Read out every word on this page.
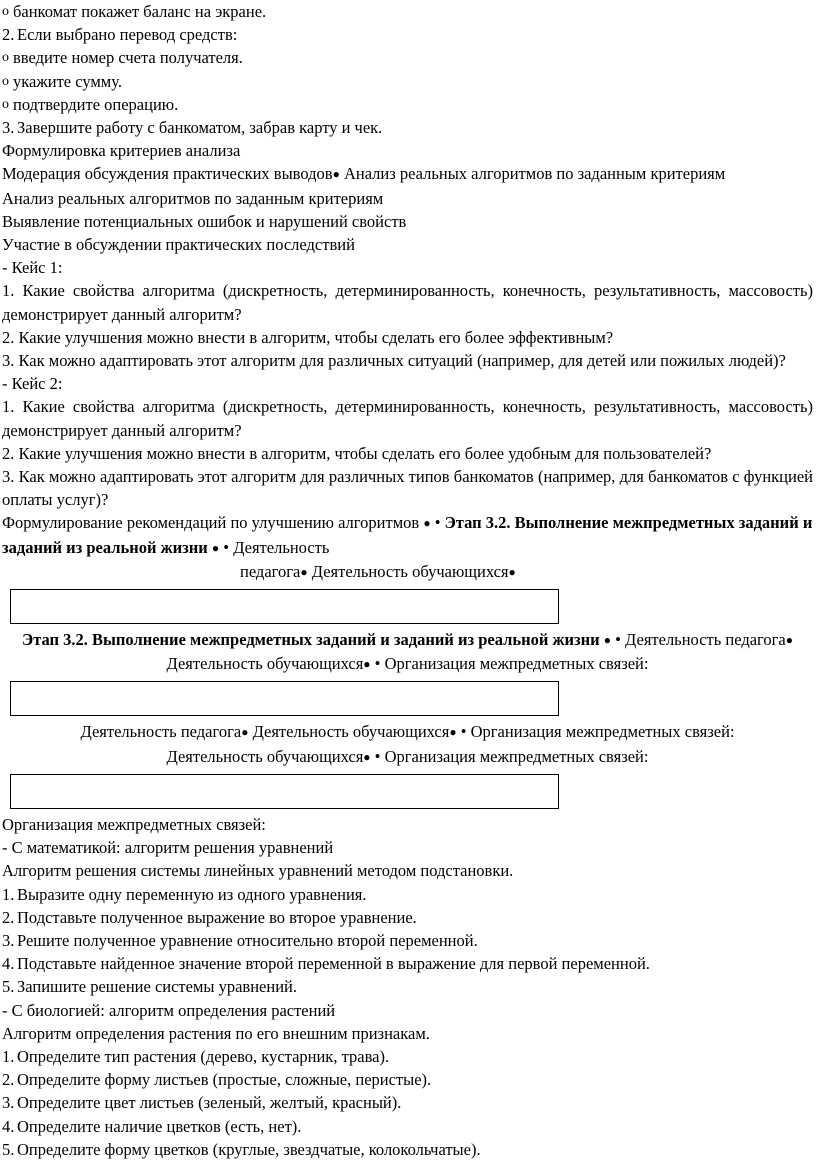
o банкомат покажет баланс на экране.
2. Если выбрано перевод средств:
o введите номер счета получателя.
o укажите сумму.
o подтвердите операцию.
3. Завершите работу с банкоматом, забрав карту и чек.

Формулировка критериев анализа

Модерация обсуждения практических выводов● Анализ реальных алгоритмов по заданным критериям

Анализ реальных алгоритмов по заданным критериям

Выявление потенциальных ошибок и нарушений свойств

Участие в обсуждении практических последствий

- Кейс 1:

1. Какие свойства алгоритма (дискретность, детерминированность, конечность, результативность, массовость) демонстрирует данный алгоритм?

2. Какие улучшения можно внести в алгоритм, чтобы сделать его более эффективным?

3. Как можно адаптировать этот алгоритм для различных ситуаций (например, для детей или пожилых людей)?

- Кейс 2:

1. Какие свойства алгоритма (дискретность, детерминированность, конечность, результативность, массовость) демонстрирует данный алгоритм?

2. Какие улучшения можно внести в алгоритм, чтобы сделать его более удобным для пользователей?

3. Как можно адаптировать этот алгоритм для различных типов банкоматов (например, для банкоматов с функцией оплаты услуг)?

Формулирование рекомендаций по улучшению алгоритмов ● • Этап 3.2. Выполнение межпредметных заданий и заданий из реальной жизни ● • Деятельность

педагога● Деятельность обучающихся●

Этап 3.2. Выполнение межпредметных заданий и заданий из реальной жизни ● • Деятельность педагога● Деятельность обучающихся● • Организация межпредметных связей:

Деятельность педагога● Деятельность обучающихся● • Организация межпредметных связей:

Деятельность обучающихся● • Организация межпредметных связей:

Организация межпредметных связей:

- С математикой: алгоритм решения уравнений

Алгоритм решения системы линейных уравнений методом подстановки.

1. Выразите одну переменную из одного уравнения.
2. Подставьте полученное выражение во второе уравнение.
3. Решите полученное уравнение относительно второй переменной.
4. Подставьте найденное значение второй переменной в выражение для первой переменной.
5. Запишите решение системы уравнений.

- С биологией: алгоритм определения растений

Алгоритм определения растения по его внешним признакам.

1. Определите тип растения (дерево, кустарник, трава).
2. Определите форму листьев (простые, сложные, перистые).
3. Определите цвет листьев (зеленый, желтый, красный).
4. Определите наличие цветков (есть, нет).
5. Определите форму цветков (круглые, звездчатые, колокольчатые).
